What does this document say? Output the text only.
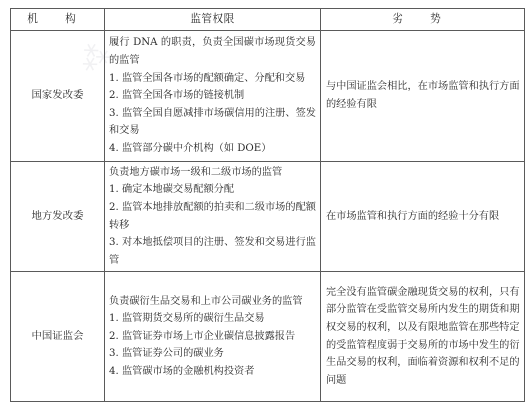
⁂
机 构	监管权限	劣 势
国家发改委	履行 DNA 的职责，负责全国碳市场现货交易的监管
1. 监管全国各市场的配额确定、分配和交易
2. 监管全国各市场的链接机制
3. 监管全国自愿减排市场碳信用的注册、签发和交易
4. 监管部分碳中介机构（如 DOE）	与中国证监会相比，在市场监管和执行方面的经验有限
地方发改委	负责地方碳市场一级和二级市场的监管
1. 确定本地碳交易配额分配
2. 监管本地排放配额的拍卖和二级市场的配额转移
3. 对本地抵偿项目的注册、签发和交易进行监管	在市场监管和执行方面的经验十分有限
中国证监会	负责碳衍生品交易和上市公司碳业务的监管
1. 监管期货交易所的碳衍生品交易
2. 监管证券市场上市企业碳信息披露报告
3. 监管证券公司的碳业务
4. 监管碳市场的金融机构投资者	完全没有监管碳金融现货交易的权利，只有部分监管在受监管交易所内发生的期货和期权交易的权利，以及有限地监管在那些特定的受监管程度弱于交易所的市场中发生的衍生品交易的权利，面临着资源和权利不足的问题
